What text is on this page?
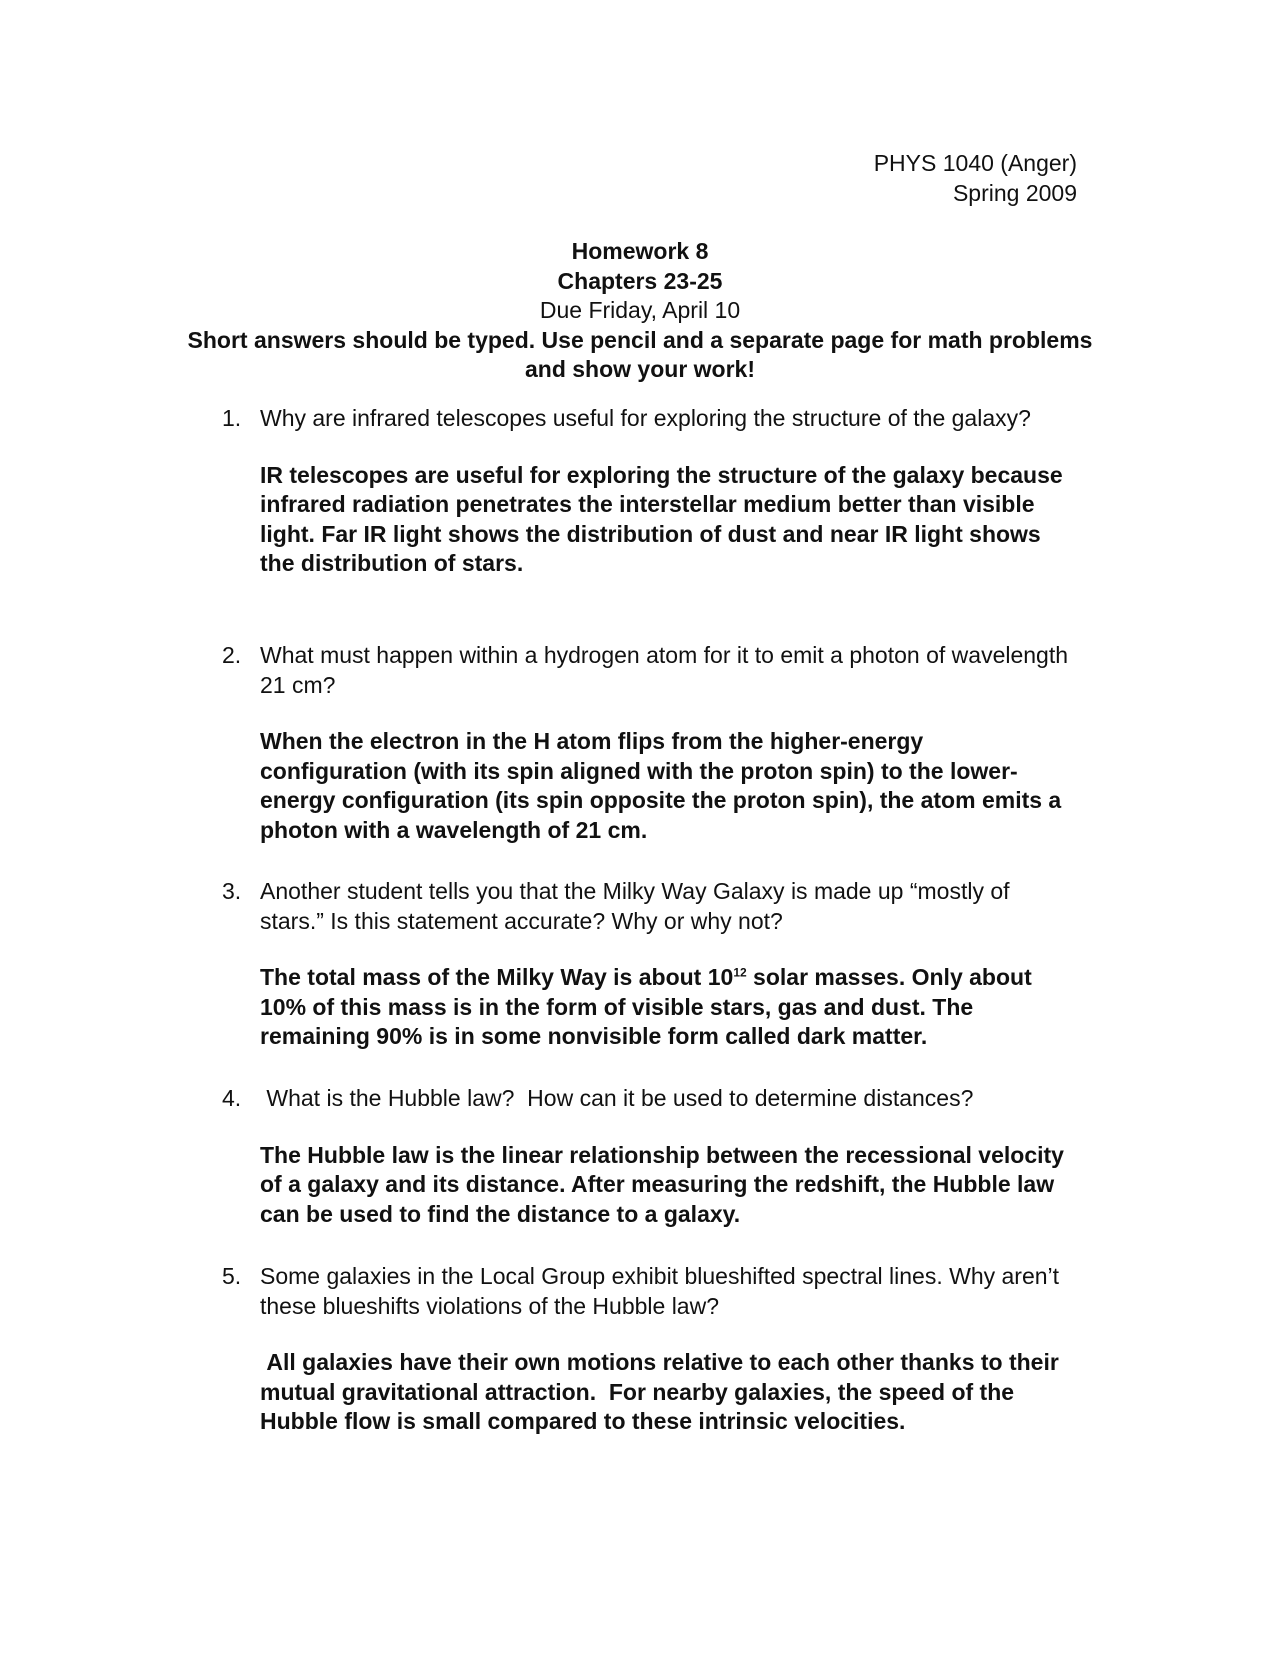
PHYS 1040 (Anger)
Spring 2009
Homework 8
Chapters 23-25
Due Friday, April 10
Short answers should be typed. Use pencil and a separate page for math problems and show your work!
1. Why are infrared telescopes useful for exploring the structure of the galaxy?
IR telescopes are useful for exploring the structure of the galaxy because infrared radiation penetrates the interstellar medium better than visible light. Far IR light shows the distribution of dust and near IR light shows the distribution of stars.
2. What must happen within a hydrogen atom for it to emit a photon of wavelength 21 cm?
When the electron in the H atom flips from the higher-energy configuration (with its spin aligned with the proton spin) to the lower-energy configuration (its spin opposite the proton spin), the atom emits a photon with a wavelength of 21 cm.
3. Another student tells you that the Milky Way Galaxy is made up “mostly of stars.” Is this statement accurate? Why or why not?
The total mass of the Milky Way is about $10^{12}$ solar masses. Only about 10% of this mass is in the form of visible stars, gas and dust. The remaining 90% is in some nonvisible form called dark matter.
4. What is the Hubble law?  How can it be used to determine distances?
The Hubble law is the linear relationship between the recessional velocity of a galaxy and its distance. After measuring the redshift, the Hubble law can be used to find the distance to a galaxy.
5. Some galaxies in the Local Group exhibit blueshifted spectral lines. Why aren’t these blueshifts violations of the Hubble law?
All galaxies have their own motions relative to each other thanks to their mutual gravitational attraction.  For nearby galaxies, the speed of the Hubble flow is small compared to these intrinsic velocities.
